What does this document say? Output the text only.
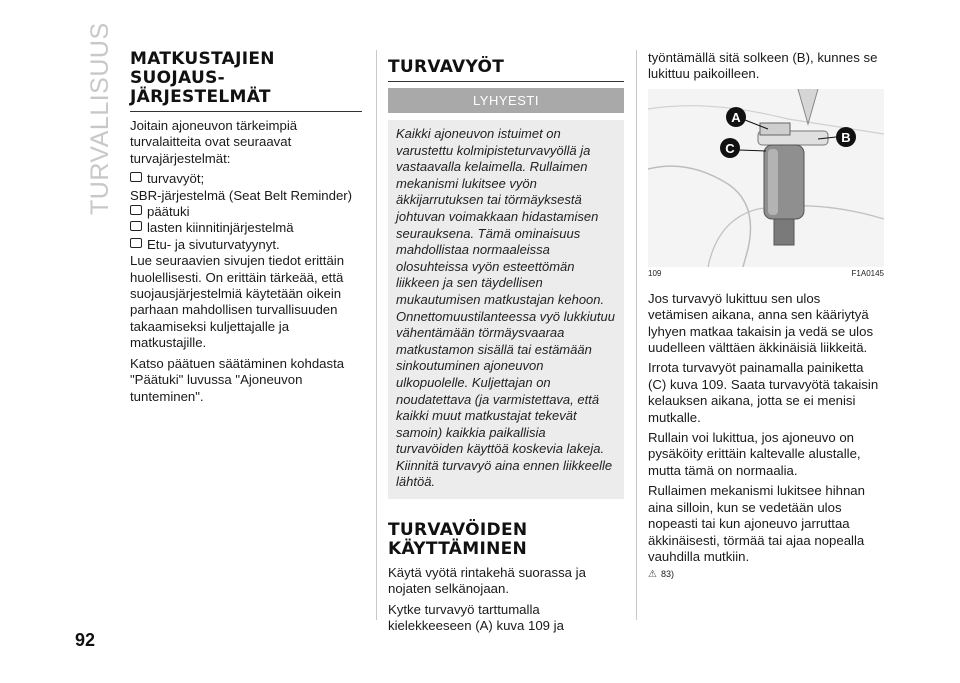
TURVALLISUUS
92
MATKUSTAJIEN SUOJAUS-JÄRJESTELMÄT

Joitain ajoneuvon tärkeimpiä turvalaitteita ovat seuraavat turvajärjestelmät:

turvavyöt;
SBR-järjestelmä (Seat Belt Reminder)
päätuki
lasten kiinnitinjärjestelmä
Etu- ja sivuturvatyynyt.

Lue seuraavien sivujen tiedot erittäin huolellisesti. On erittäin tärkeää, että suojausjärjestelmiä käytetään oikein parhaan mahdollisen turvallisuuden takaamiseksi kuljettajalle ja matkustajille.

Katso päätuen säätäminen kohdasta "Päätuki" luvussa "Ajoneuvon tunteminen".

TURVAVYÖT
LYHYESTI
Kaikki ajoneuvon istuimet on varustettu kolmipisteturvavyöllä ja vastaavalla kelaimella. Rullaimen mekanismi lukitsee vyön äkkijarrutuksen tai törmäyksestä johtuvan voimakkaan hidastamisen seurauksena. Tämä ominaisuus mahdollistaa normaaleissa olosuhteissa vyön esteettömän liikkeen ja sen täydellisen mukautumisen matkustajan kehoon. Onnettomuustilanteessa vyö lukkiutuu vähentämään törmäysvaaraa matkustamon sisällä tai estämään sinkoutuminen ajoneuvon ulkopuolelle. Kuljettajan on noudatettava (ja varmistettava, että kaikki muut matkustajat tekevät samoin) kaikkia paikallisia turvavöiden käyttöä koskevia lakeja. Kiinnitä turvavyö aina ennen liikkeelle lähtöä.
TURVAVÖIDEN KÄYTTÄMINEN

Käytä vyötä rintakehä suorassa ja nojaten selkänojaan.

Kytke turvavyö tarttumalla kielekkeeseen (A) kuva 109 ja

työntämällä sitä solkeen (B), kunnes se lukittuu paikoilleen.

A
B
C
109	F1A0145

Jos turvavyö lukittuu sen ulos vetämisen aikana, anna sen kääriytyä lyhyen matkaa takaisin ja vedä se ulos uudelleen välttäen äkkinäisiä liikkeitä.

Irrota turvavyöt painamalla painiketta (C) kuva 109. Saata turvavyötä takaisin kelauksen aikana, jotta se ei menisi mutkalle.

Rullain voi lukittua, jos ajoneuvo on pysäköity erittäin kaltevalle alustalle, mutta tämä on normaalia.

Rullaimen mekanismi lukitsee hihnan aina silloin, kun se vedetään ulos nopeasti tai kun ajoneuvo jarruttaa äkkinäisesti, törmää tai ajaa nopealla vauhdilla mutkiin.

⚠ 83)
